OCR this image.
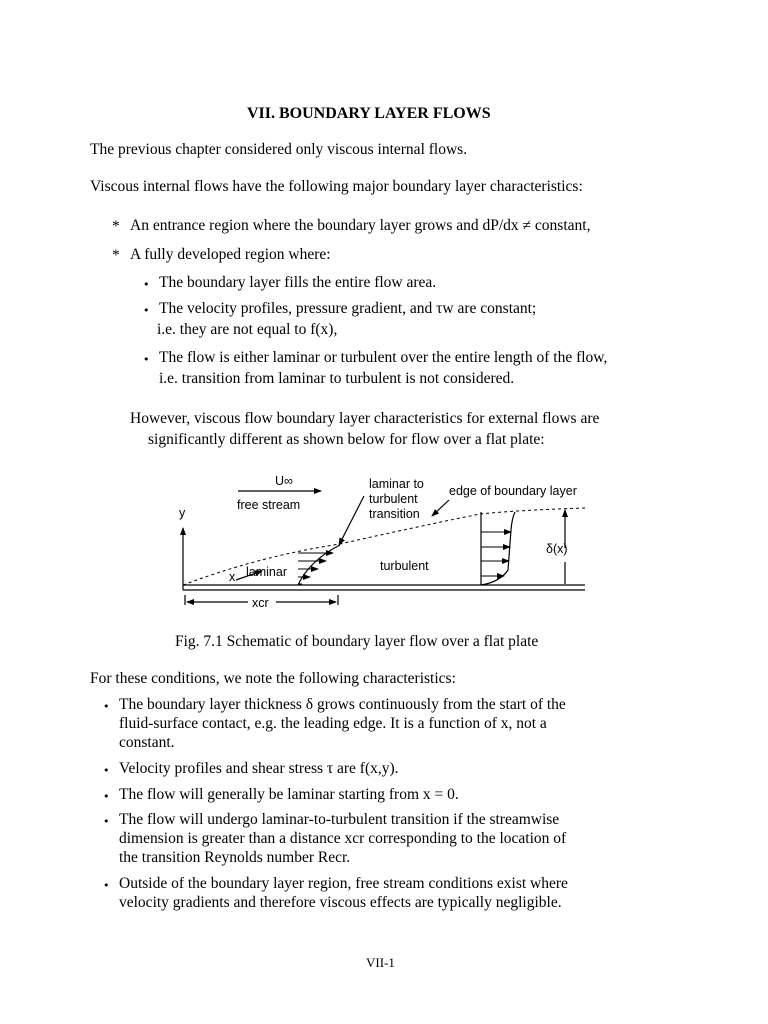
VII. BOUNDARY LAYER FLOWS
The previous chapter considered only viscous internal flows.
Viscous internal flows have the following major boundary layer characteristics:
* An entrance region where the boundary layer grows and dP/dx ≠ constant,
* A fully developed region where:
• The boundary layer fills the entire flow area.
• The velocity profiles, pressure gradient, and τw are constant;
i.e. they are not equal to f(x),
• The flow is either laminar or turbulent over the entire length of the flow,
i.e. transition from laminar to turbulent is not considered.
However, viscous flow boundary layer characteristics for external flows are
significantly different as shown below for flow over a flat plate:
U∞
free stream
laminar to
turbulent
transition
edge of boundary layer
y
x laminar	turbulent
δ(x)
xcr
Fig. 7.1 Schematic of boundary layer flow over a flat plate
For these conditions, we note the following characteristics:
• The boundary layer thickness δ grows continuously from the start of the
fluid-surface contact, e.g. the leading edge. It is a function of x, not a
constant.
• Velocity profiles and shear stress τ are f(x,y).
• The flow will generally be laminar starting from x = 0.
• The flow will undergo laminar-to-turbulent transition if the streamwise
dimension is greater than a distance xcr corresponding to the location of
the transition Reynolds number Recr.
• Outside of the boundary layer region, free stream conditions exist where
velocity gradients and therefore viscous effects are typically negligible.
VII-1
